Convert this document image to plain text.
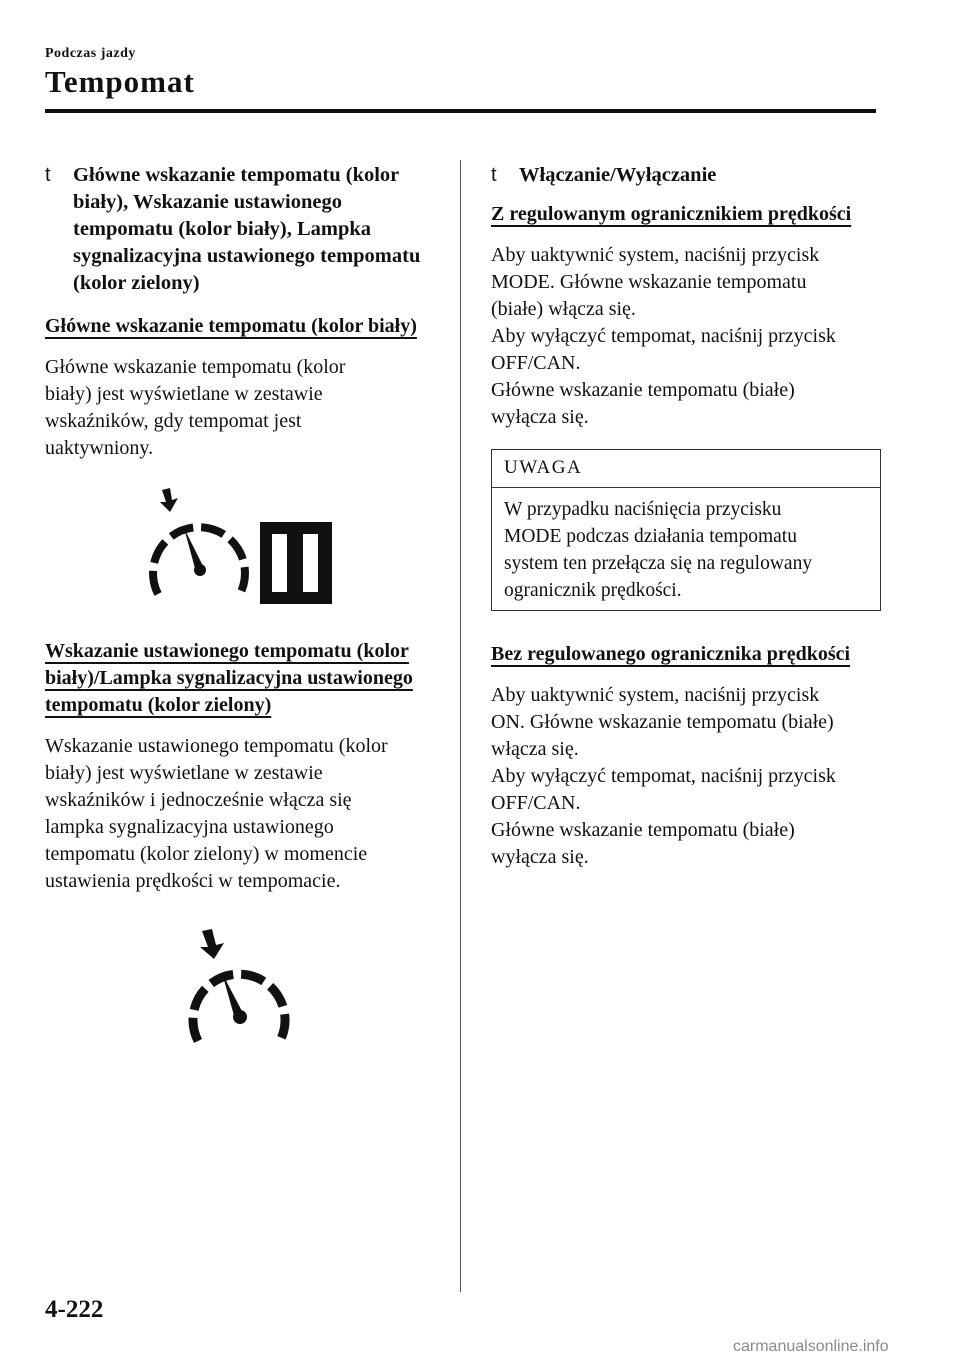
Podczas jazdy
Tempomat

t Główne wskazanie tempomatu (kolor biały), Wskazanie ustawionego tempomatu (kolor biały), Lampka sygnalizacyjna ustawionego tempomatu (kolor zielony)

Główne wskazanie tempomatu (kolor biały)

Główne wskazanie tempomatu (kolor
biały) jest wyświetlane w zestawie
wskaźników, gdy tempomat jest
uaktywniony.

Wskazanie ustawionego tempomatu (kolor biały)/Lampka sygnalizacyjna ustawionego tempomatu (kolor zielony)

Wskazanie ustawionego tempomatu (kolor
biały) jest wyświetlane w zestawie
wskaźników i jednocześnie włącza się
lampka sygnalizacyjna ustawionego
tempomatu (kolor zielony) w momencie
ustawienia prędkości w tempomacie.

t Włączanie/Wyłączanie

Z regulowanym ogranicznikiem prędkości

Aby uaktywnić system, naciśnij przycisk
MODE. Główne wskazanie tempomatu
(białe) włącza się.
Aby wyłączyć tempomat, naciśnij przycisk
OFF/CAN.
Główne wskazanie tempomatu (białe)
wyłącza się.

UWAGA
W przypadku naciśnięcia przycisku
MODE podczas działania tempomatu
system ten przełącza się na regulowany
ogranicznik prędkości.
Bez regulowanego ogranicznika prędkości

Aby uaktywnić system, naciśnij przycisk
ON. Główne wskazanie tempomatu (białe)
włącza się.
Aby wyłączyć tempomat, naciśnij przycisk
OFF/CAN.
Główne wskazanie tempomatu (białe)
wyłącza się.

4-222
carmanualsonline.info
